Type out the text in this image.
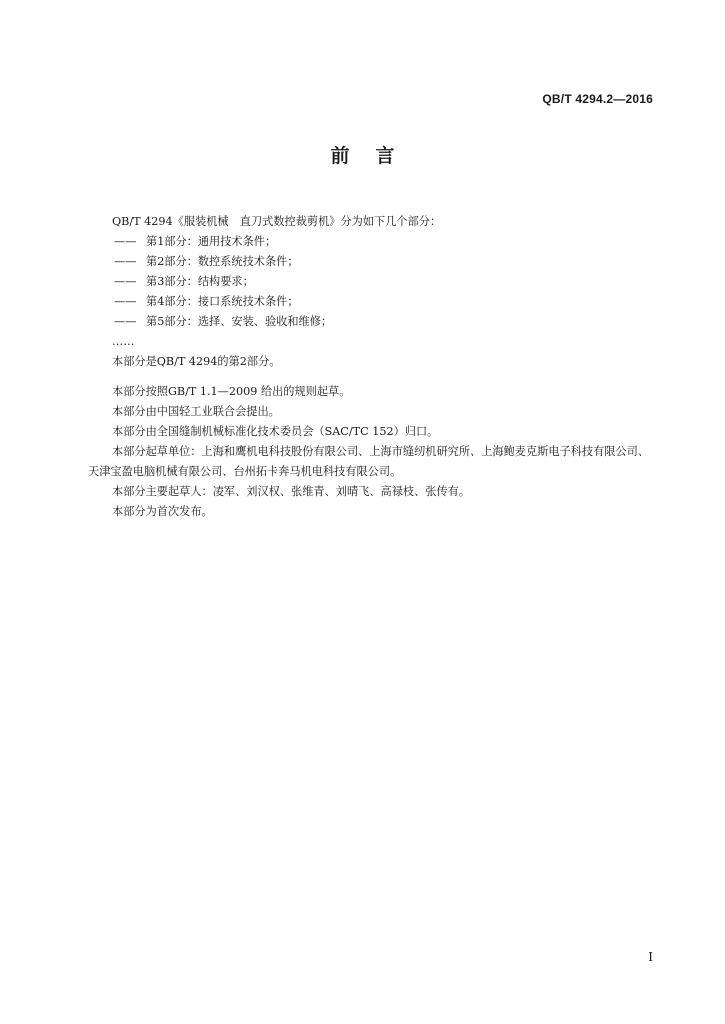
QB/T 4294.2—2016
前言
QB/T 4294《服装机械　直刀式数控裁剪机》分为如下几个部分：
—— 第1部分：通用技术条件；
—— 第2部分：数控系统技术条件；
—— 第3部分：结构要求；
—— 第4部分：接口系统技术条件；
—— 第5部分：选择、安装、验收和维修；
……
本部分是QB/T 4294的第2部分。
本部分按照GB/T 1.1—2009 给出的规则起草。
本部分由中国轻工业联合会提出。
本部分由全国缝制机械标准化技术委员会（SAC/TC 152）归口。
本部分起草单位：上海和鹰机电科技股份有限公司、上海市缝纫机研究所、上海鲍麦克斯电子科技有限公司、天津宝盈电脑机械有限公司、台州拓卡奔马机电科技有限公司。
本部分主要起草人：凌军、刘汉权、张维青、刘晴飞、高禄枝、张传有。
本部分为首次发布。
I
